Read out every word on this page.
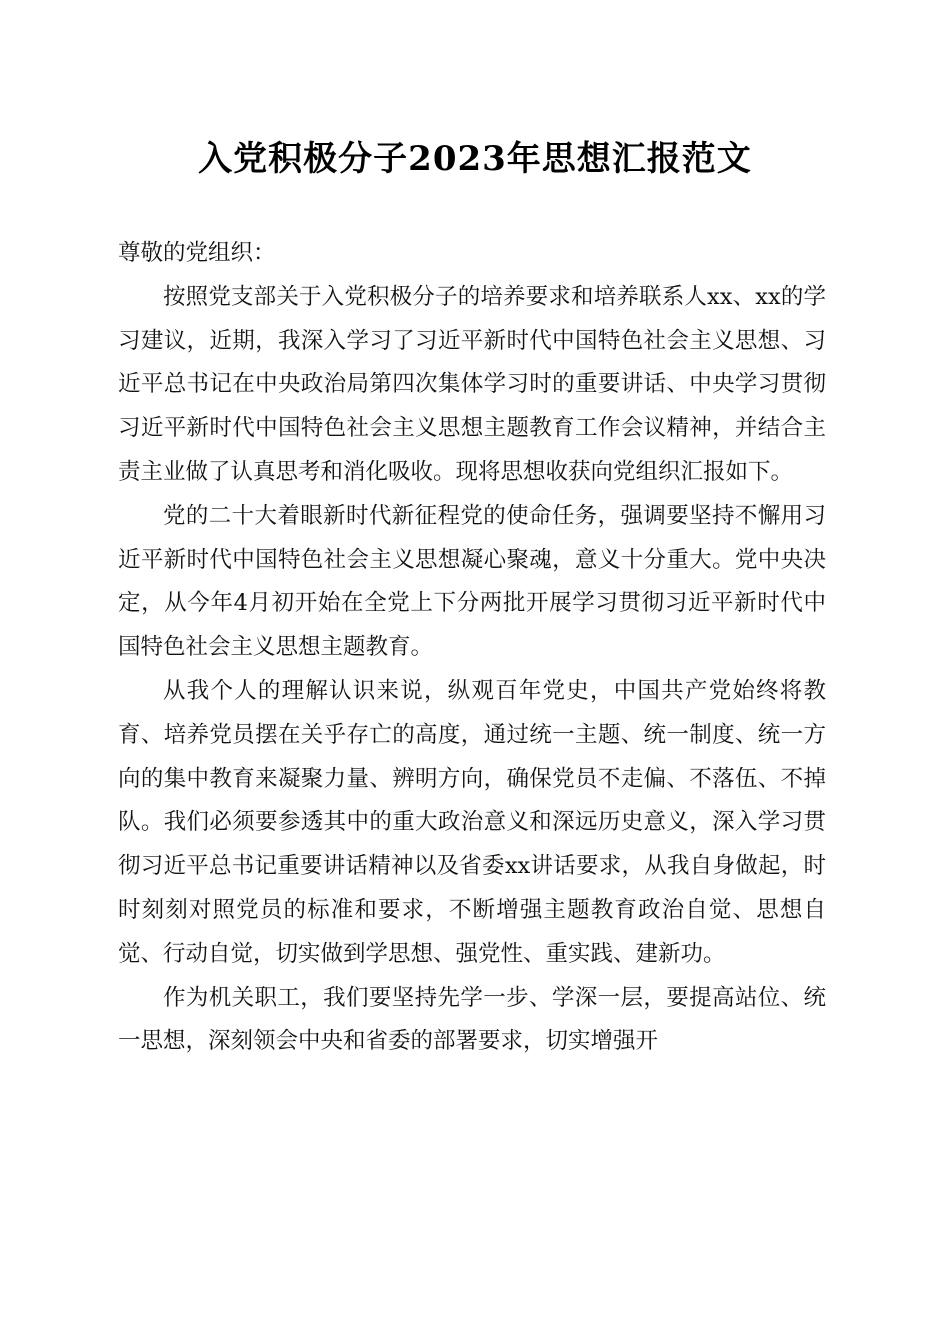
入党积极分子2023年思想汇报范文

尊敬的党组织：

按照党支部关于入党积极分子的培养要求和培养联系人xx、xx的学习建议，近期，我深入学习了习近平新时代中国特色社会主义思想、习近平总书记在中央政治局第四次集体学习时的重要讲话、中央学习贯彻习近平新时代中国特色社会主义思想主题教育工作会议精神，并结合主责主业做了认真思考和消化吸收。现将思想收获向党组织汇报如下。

党的二十大着眼新时代新征程党的使命任务，强调要坚持不懈用习近平新时代中国特色社会主义思想凝心聚魂，意义十分重大。党中央决定，从今年4月初开始在全党上下分两批开展学习贯彻习近平新时代中国特色社会主义思想主题教育。

从我个人的理解认识来说，纵观百年党史，中国共产党始终将教育、培养党员摆在关乎存亡的高度，通过统一主题、统一制度、统一方向的集中教育来凝聚力量、辨明方向，确保党员不走偏、不落伍、不掉队。我们必须要参透其中的重大政治意义和深远历史意义，深入学习贯彻习近平总书记重要讲话精神以及省委xx讲话要求，从我自身做起，时时刻刻对照党员的标准和要求，不断增强主题教育政治自觉、思想自觉、行动自觉，切实做到学思想、强党性、重实践、建新功。

作为机关职工，我们要坚持先学一步、学深一层，要提高站位、统一思想，深刻领会中央和省委的部署要求，切实增强开
